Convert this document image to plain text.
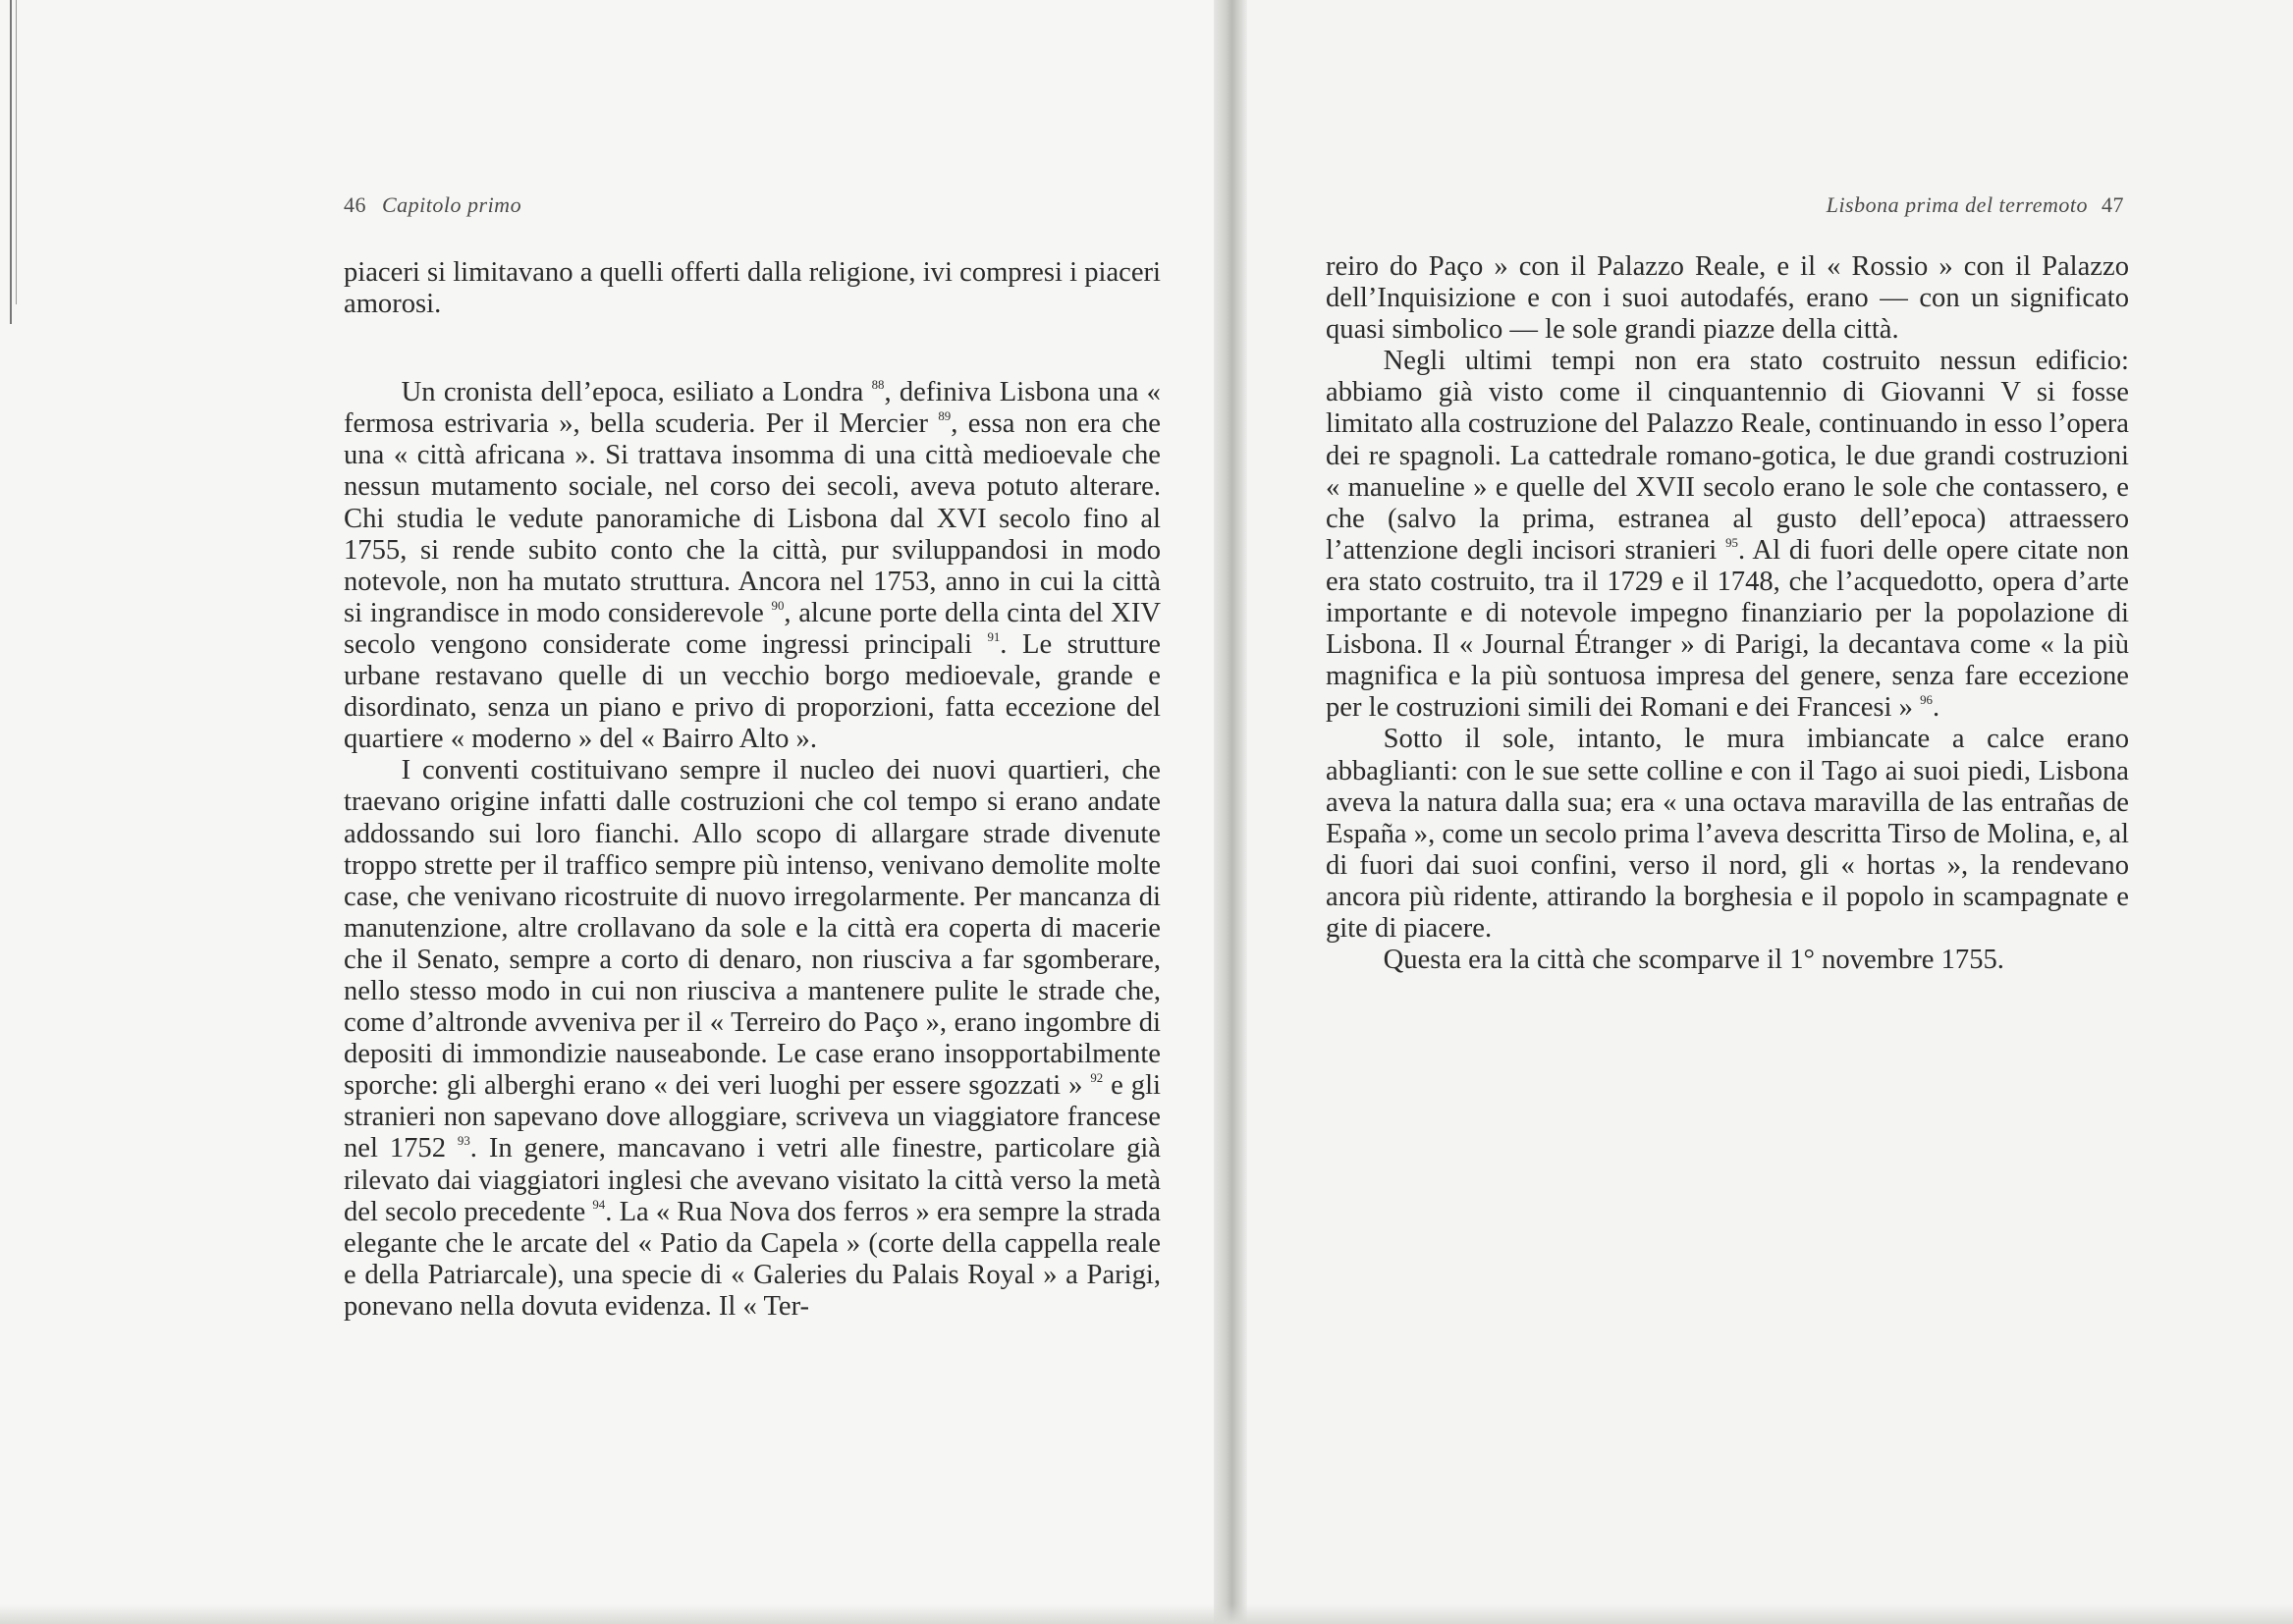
46 Capitolo primo	Lisbona prima del terremoto 47

piaceri si limitavano a quelli offerti dalla religione, ivi compresi i piaceri amorosi.

Un cronista dell’epoca, esiliato a Londra $^{88}$, definiva Lisbona una « fermosa estrivaria », bella scuderia. Per il Mercier $^{89}$, essa non era che una « città africana ». Si trattava insomma di una città medioevale che nessun mutamento sociale, nel corso dei secoli, aveva potuto alterare. Chi studia le vedute panoramiche di Lisbona dal XVI secolo fino al 1755, si rende subito conto che la città, pur sviluppandosi in modo notevole, non ha mutato struttura. Ancora nel 1753, anno in cui la città si ingrandisce in modo considerevole $^{90}$, alcune porte della cinta del XIV secolo vengono considerate come ingressi principali $^{91}$. Le strutture urbane restavano quelle di un vecchio borgo medioevale, grande e disordinato, senza un piano e privo di proporzioni, fatta eccezione del quartiere « moderno » del « Bairro Alto ».

I conventi costituivano sempre il nucleo dei nuovi quartieri, che traevano origine infatti dalle costruzioni che col tempo si erano andate addossando sui loro fianchi. Allo scopo di allargare strade divenute troppo strette per il traffico sempre più intenso, venivano demolite molte case, che venivano ricostruite di nuovo irregolarmente. Per mancanza di manutenzione, altre crollavano da sole e la città era coperta di macerie che il Senato, sempre a corto di denaro, non riusciva a far sgomberare, nello stesso modo in cui non riusciva a mantenere pulite le strade che, come d’altronde avveniva per il « Terreiro do Paço », erano ingombre di depositi di immondizie nauseabonde. Le case erano insopportabilmente sporche: gli alberghi erano « dei veri luoghi per essere sgozzati » $^{92}$ e gli stranieri non sapevano dove alloggiare, scriveva un viaggiatore francese nel 1752 $^{93}$. In genere, mancavano i vetri alle finestre, particolare già rilevato dai viaggiatori inglesi che avevano visitato la città verso la metà del secolo precedente $^{94}$. La « Rua Nova dos ferros » era sempre la strada elegante che le arcate del « Patio da Capela » (corte della cappella reale e della Patriarcale), una specie di « Galeries du Palais Royal » a Parigi, ponevano nella dovuta evidenza. Il « Ter-

reiro do Paço » con il Palazzo Reale, e il « Rossio » con il Palazzo dell’Inquisizione e con i suoi autodafés, erano — con un significato quasi simbolico — le sole grandi piazze della città.

Negli ultimi tempi non era stato costruito nessun edificio: abbiamo già visto come il cinquantennio di Giovanni V si fosse limitato alla costruzione del Palazzo Reale, continuando in esso l’opera dei re spagnoli. La cattedrale romano-gotica, le due grandi costruzioni « manueline » e quelle del XVII secolo erano le sole che contassero, e che (salvo la prima, estranea al gusto dell’epoca) attraessero l’attenzione degli incisori stranieri $^{95}$. Al di fuori delle opere citate non era stato costruito, tra il 1729 e il 1748, che l’acquedotto, opera d’arte importante e di notevole impegno finanziario per la popolazione di Lisbona. Il « Journal Étranger » di Parigi, la decantava come « la più magnifica e la più sontuosa impresa del genere, senza fare eccezione per le costruzioni simili dei Romani e dei Francesi » $^{96}$.

Sotto il sole, intanto, le mura imbiancate a calce erano abbaglianti: con le sue sette colline e con il Tago ai suoi piedi, Lisbona aveva la natura dalla sua; era « una octava maravilla de las entrañas de España », come un secolo prima l’aveva descritta Tirso de Molina, e, al di fuori dai suoi confini, verso il nord, gli « hortas », la rendevano ancora più ridente, attirando la borghesia e il popolo in scampagnate e gite di piacere.

Questa era la città che scomparve il 1° novembre 1755.
